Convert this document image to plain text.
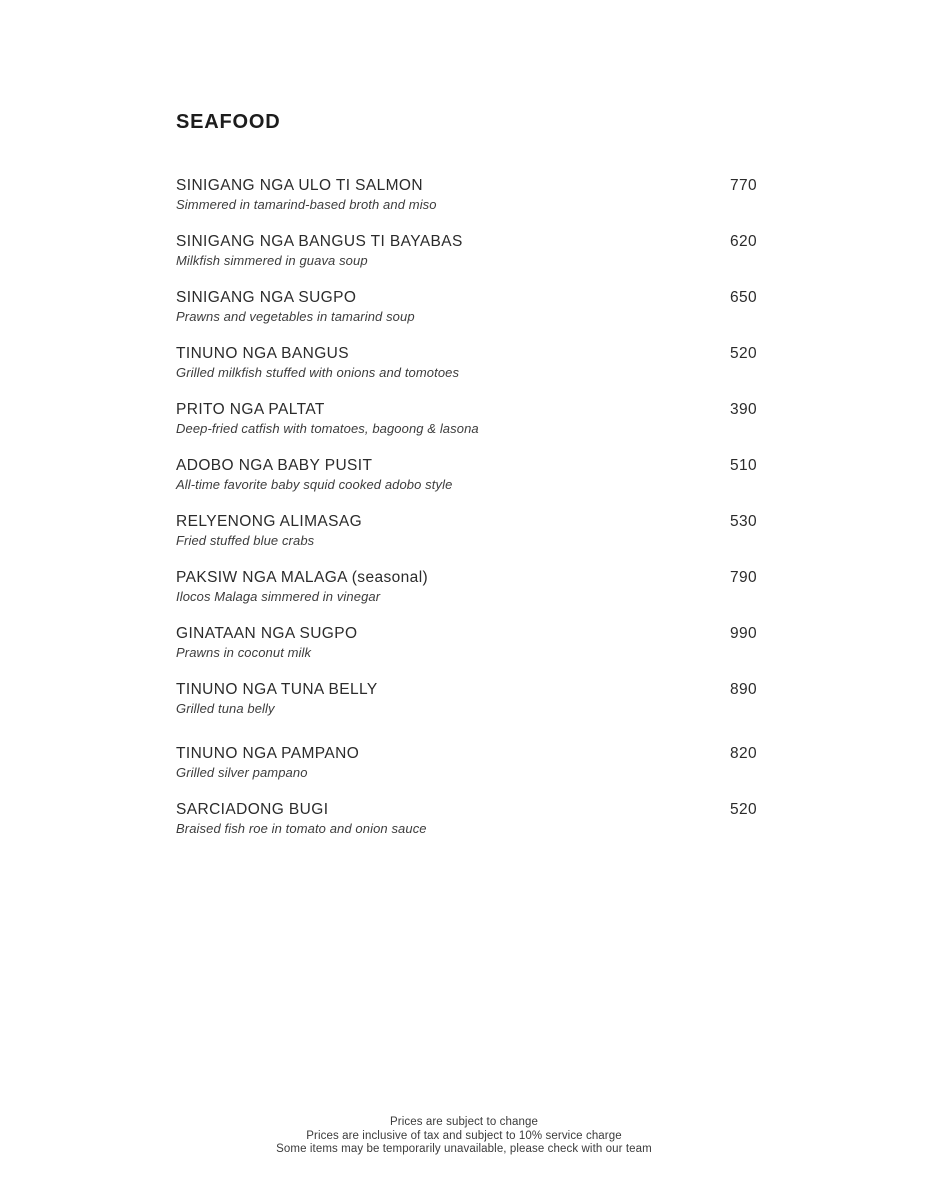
SEAFOOD
SINIGANG NGA ULO TI SALMON	770
Simmered in tamarind-based broth and miso
SINIGANG NGA BANGUS TI BAYABAS	620
Milkfish simmered in guava soup
SINIGANG NGA SUGPO	650
Prawns and vegetables in tamarind soup
TINUNO NGA BANGUS	520
Grilled milkfish stuffed with onions and tomotoes
PRITO NGA PALTAT	390
Deep-fried catfish with tomatoes, bagoong & lasona
ADOBO NGA BABY PUSIT	510
All-time favorite baby squid cooked adobo style
RELYENONG ALIMASAG	530
Fried stuffed blue crabs
PAKSIW NGA MALAGA (seasonal)	790
Ilocos Malaga simmered in vinegar
GINATAAN NGA SUGPO	990
Prawns in coconut milk
TINUNO NGA TUNA BELLY	890
Grilled tuna belly
TINUNO NGA PAMPANO	820
Grilled silver pampano
SARCIADONG BUGI	520
Braised fish roe in tomato and onion sauce
Prices are subject to change
Prices are inclusive of tax and subject to 10% service charge
Some items may be temporarily unavailable, please check with our team
